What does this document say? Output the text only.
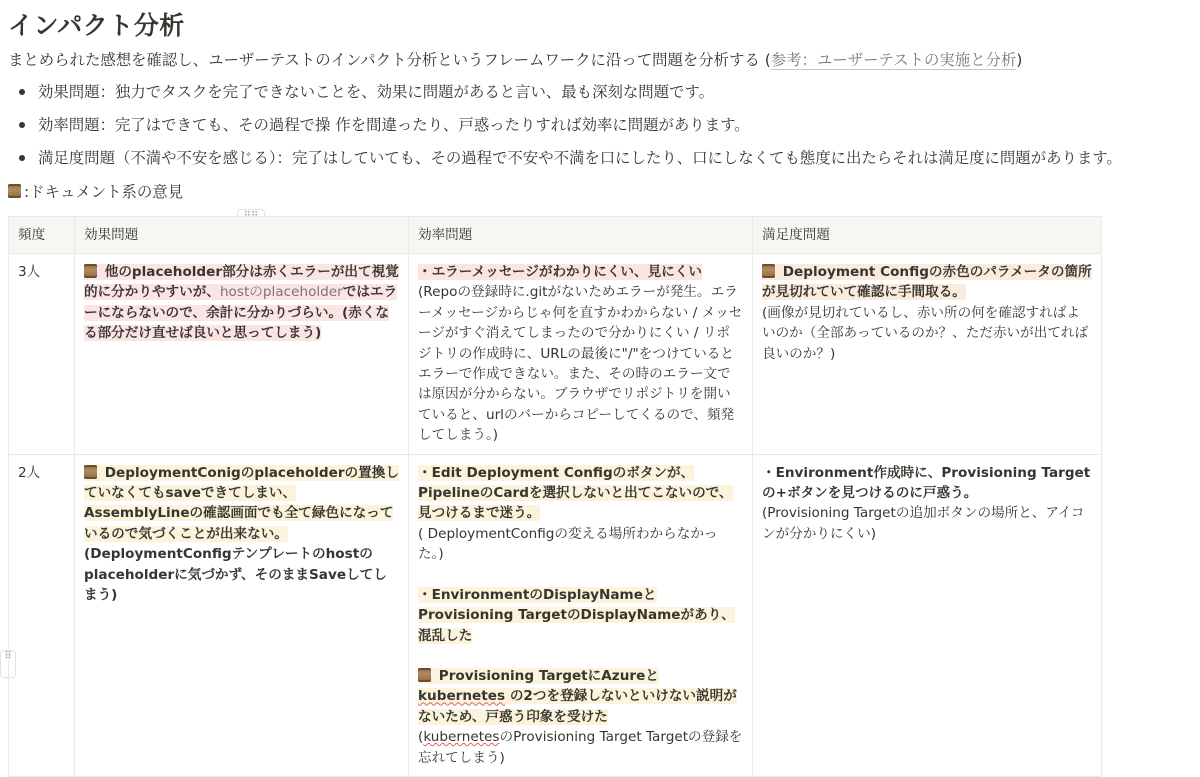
インパクト分析
まとめられた感想を確認し、ユーザーテストのインパクト分析というフレームワークに沿って問題を分析する (参考：ユーザーテストの実施と分析)
効果問題：独力でタスクを完了できないことを、効果に問題があると言い、最も深刻な問題です。
効率問題：完了はできても、その過程で操 作を間違ったり、戸惑ったりすれば効率に問題があります。
満足度問題（不満や不安を感じる）：完了はしていても、その過程で不安や不満を口にしたり、口にしなくても態度に出たらそれは満足度に問題があります。
:ドキュメント系の意見
⠿
頻度	効果問題	効率問題	満足度問題
3人	他のplaceholder部分は赤くエラーが出て視覚的に分かりやすいが、hostのplaceholderではエラーにならないので、余計に分かりづらい。(赤くなる部分だけ直せば良いと思ってしまう)	・エラーメッセージがわかりにくい、見にくい
(Repoの登録時に.gitがないためエラーが発生。エラーメッセージからじゃ何を直すかわからない / メッセージがすぐ消えてしまったので分かりにくい / リポジトリの作成時に、URLの最後に"/"をつけているとエラーで作成できない。また、その時のエラー文では原因が分からない。ブラウザでリポジトリを開いていると、urlのバーからコピーしてくるので、頻発してしまう。)	Deployment Configの赤色のパラメータの箇所が見切れていて確認に手間取る。
(画像が見切れているし、赤い所の何を確認すればよいのか（全部あっているのか？、ただ赤いが出てれば良いのか？)
2人	DeploymentConigのplaceholderの置換していなくてもsaveできてしまい、AssemblyLineの確認画面でも全て緑色になっているので気づくことが出来ない。
(DeploymentConfigテンプレートのhostのplaceholderに気づかず、そのままSaveしてしまう)	・Edit Deployment Configのボタンが、PipelineのCardを選択しないと出てこないので、見つけるまで迷う。
( DeploymentConfigの変える場所わからなかった。)
・EnvironmentのDisplayNameと Provisioning TargetのDisplayNameがあり、混乱した
Provisioning TargetにAzureとkubernetes の2つを登録しないといけない説明がないため、戸惑う印象を受けた
(kubernetesのProvisioning Target Targetの登録を忘れてしまう)	・Environment作成時に、Provisioning Targetの+ボタンを見つけるのに戸惑う。
(Provisioning Targetの追加ボタンの場所と、アイコンが分かりにくい)
